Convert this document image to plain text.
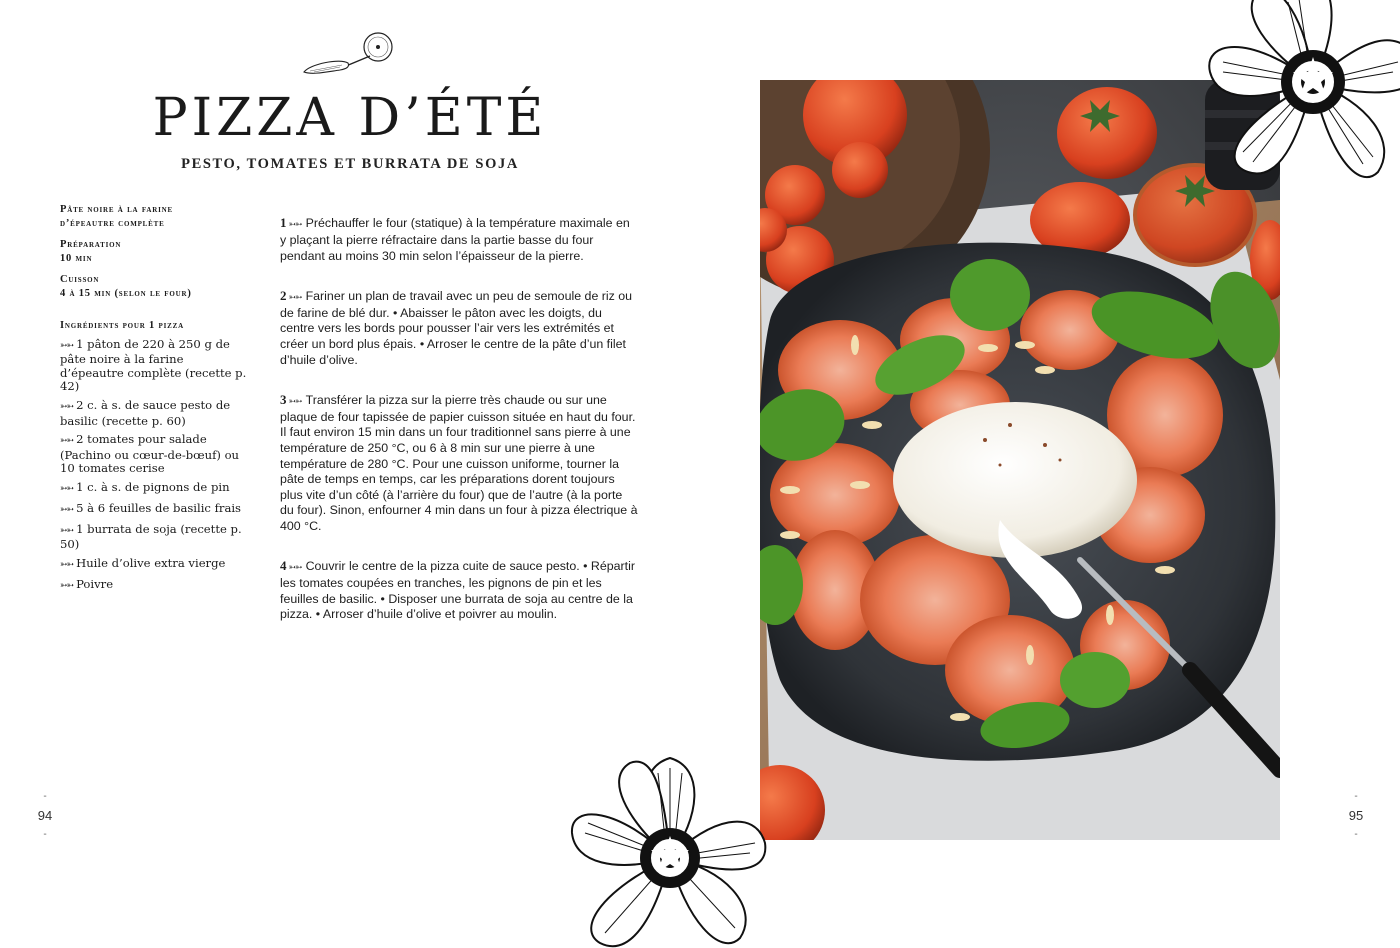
PIZZA D’ÉTÉ
PESTO, TOMATES ET BURRATA DE SOJA
Pâte noire à la farine
d’épeautre complète
Préparation
10 min
Cuisson
4 à 15 min (selon le four)
Ingrédients pour 1 pizza
➳➳ 1 pâton de 220 à 250 g de pâte noire à la farine d’épeautre complète (recette p. 42)
➳➳ 2 c. à s. de sauce pesto de basilic (recette p. 60)
➳➳ 2 tomates pour salade (Pachino ou cœur-de-bœuf) ou 10 tomates cerise
➳➳ 1 c. à s. de pignons de pin
➳➳ 5 à 6 feuilles de basilic frais
➳➳ 1 burrata de soja (recette p. 50)
➳➳ Huile d’olive extra vierge
➳➳ Poivre

1 ➳➳ Préchauffer le four (statique) à la température maximale en y plaçant la pierre réfractaire dans la partie basse du four pendant au moins 30 min selon l’épaisseur de la pierre.

2 ➳➳ Fariner un plan de travail avec un peu de semoule de riz ou de farine de blé dur. • Abaisser le pâton avec les doigts, du centre vers les bords pour pousser l’air vers les extrémités et créer un bord plus épais. • Arroser le centre de la pâte d’un filet d’huile d’olive.

3 ➳➳ Transférer la pizza sur la pierre très chaude ou sur une plaque de four tapissée de papier cuisson située en haut du four. Il faut environ 15 min dans un four traditionnel sans pierre à une température de 250 °C, ou 6 à 8 min sur une pierre à une température de 280 °C. Pour une cuisson uniforme, tourner la pâte de temps en temps, car les préparations dorent toujours plus vite d’un côté (à l’arrière du four) que de l’autre (à la porte du four). Sinon, enfourner 4 min dans un four à pizza électrique à 400 °C.

4 ➳➳ Couvrir le centre de la pizza cuite de sauce pesto. • Répartir les tomates coupées en tranches, les pignons de pin et les feuilles de basilic. • Disposer une burrata de soja au centre de la pizza. • Arroser d’huile d’olive et poivrer au moulin.

-
94
-
-
95
-
